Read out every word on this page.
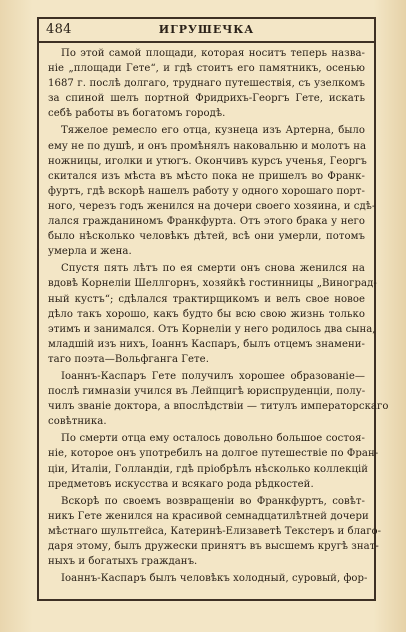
484	ИГРУШЕЧКА
По этой самой площади, которая носитъ теперь назва-
ніе „площади Гете“, и гдѣ стоитъ его памятникъ, осенью
1687 г. послѣ долгаго, труднаго путешествія, съ узелкомъ
за спиной шелъ портной Фридрихъ-Георгъ Гете, искать
себѣ работы въ богатомъ городѣ.
Тяжелое ремесло его отца, кузнеца изъ Артерна, было
ему не по душѣ, и онъ промѣнялъ наковальню и молотъ на
ножницы, иголки и утюгъ. Окончивъ курсъ ученья, Георгъ
скитался изъ мѣста въ мѣсто пока не пришелъ во Франк-
фуртъ, гдѣ вскорѣ нашелъ работу у одного хорошаго порт-
ного, черезъ годъ женился на дочери своего хозяина, и сдѣ-
лался гражданиномъ Франкфурта. Отъ этого брака у него
было нѣсколько человѣкъ дѣтей, всѣ они умерли, потомъ
умерла и жена.
Спустя пять лѣтъ по ея смерти онъ снова женился на
вдовѣ Корнеліи Шеллгорнъ, хозяйкѣ гостинницы „Виноград-
ный кустъ“; сдѣлался трактирщикомъ и велъ свое новое
дѣло такъ хорошо, какъ будто бы всю свою жизнь только
этимъ и занимался. Отъ Корнеліи у него родилось два сына,
младшій изъ нихъ, Іоаннъ Каспаръ, былъ отцемъ знамени-
таго поэта—Вольфганга Гете.
Іоаннъ-Каспаръ Гете получилъ хорошее образованіе—
послѣ гимназіи учился въ Лейпцигѣ юриспруденціи, полу-
чилъ званіе доктора, а впослѣдствіи — титулъ императорскаго
совѣтника.
По смерти отца ему осталось довольно большое состоя-
ніе, которое онъ употребилъ на долгое путешествіе по Фран-
ціи, Италіи, Голландіи, гдѣ пріобрѣлъ нѣсколько коллекцій
предметовъ искусства и всякаго рода рѣдкостей.
Вскорѣ по своемъ возвращеніи во Франкфуртъ, совѣт-
никъ Гете женился на красивой семнадцатилѣтней дочери
мѣстнаго шультгейса, Катеринѣ-Елизаветѣ Текстеръ и благо-
даря этому, былъ дружески принятъ въ высшемъ кругѣ знат-
ныхъ и богатыхъ гражданъ.
Іоаннъ-Каспаръ былъ человѣкъ холодный, суровый, фор-
